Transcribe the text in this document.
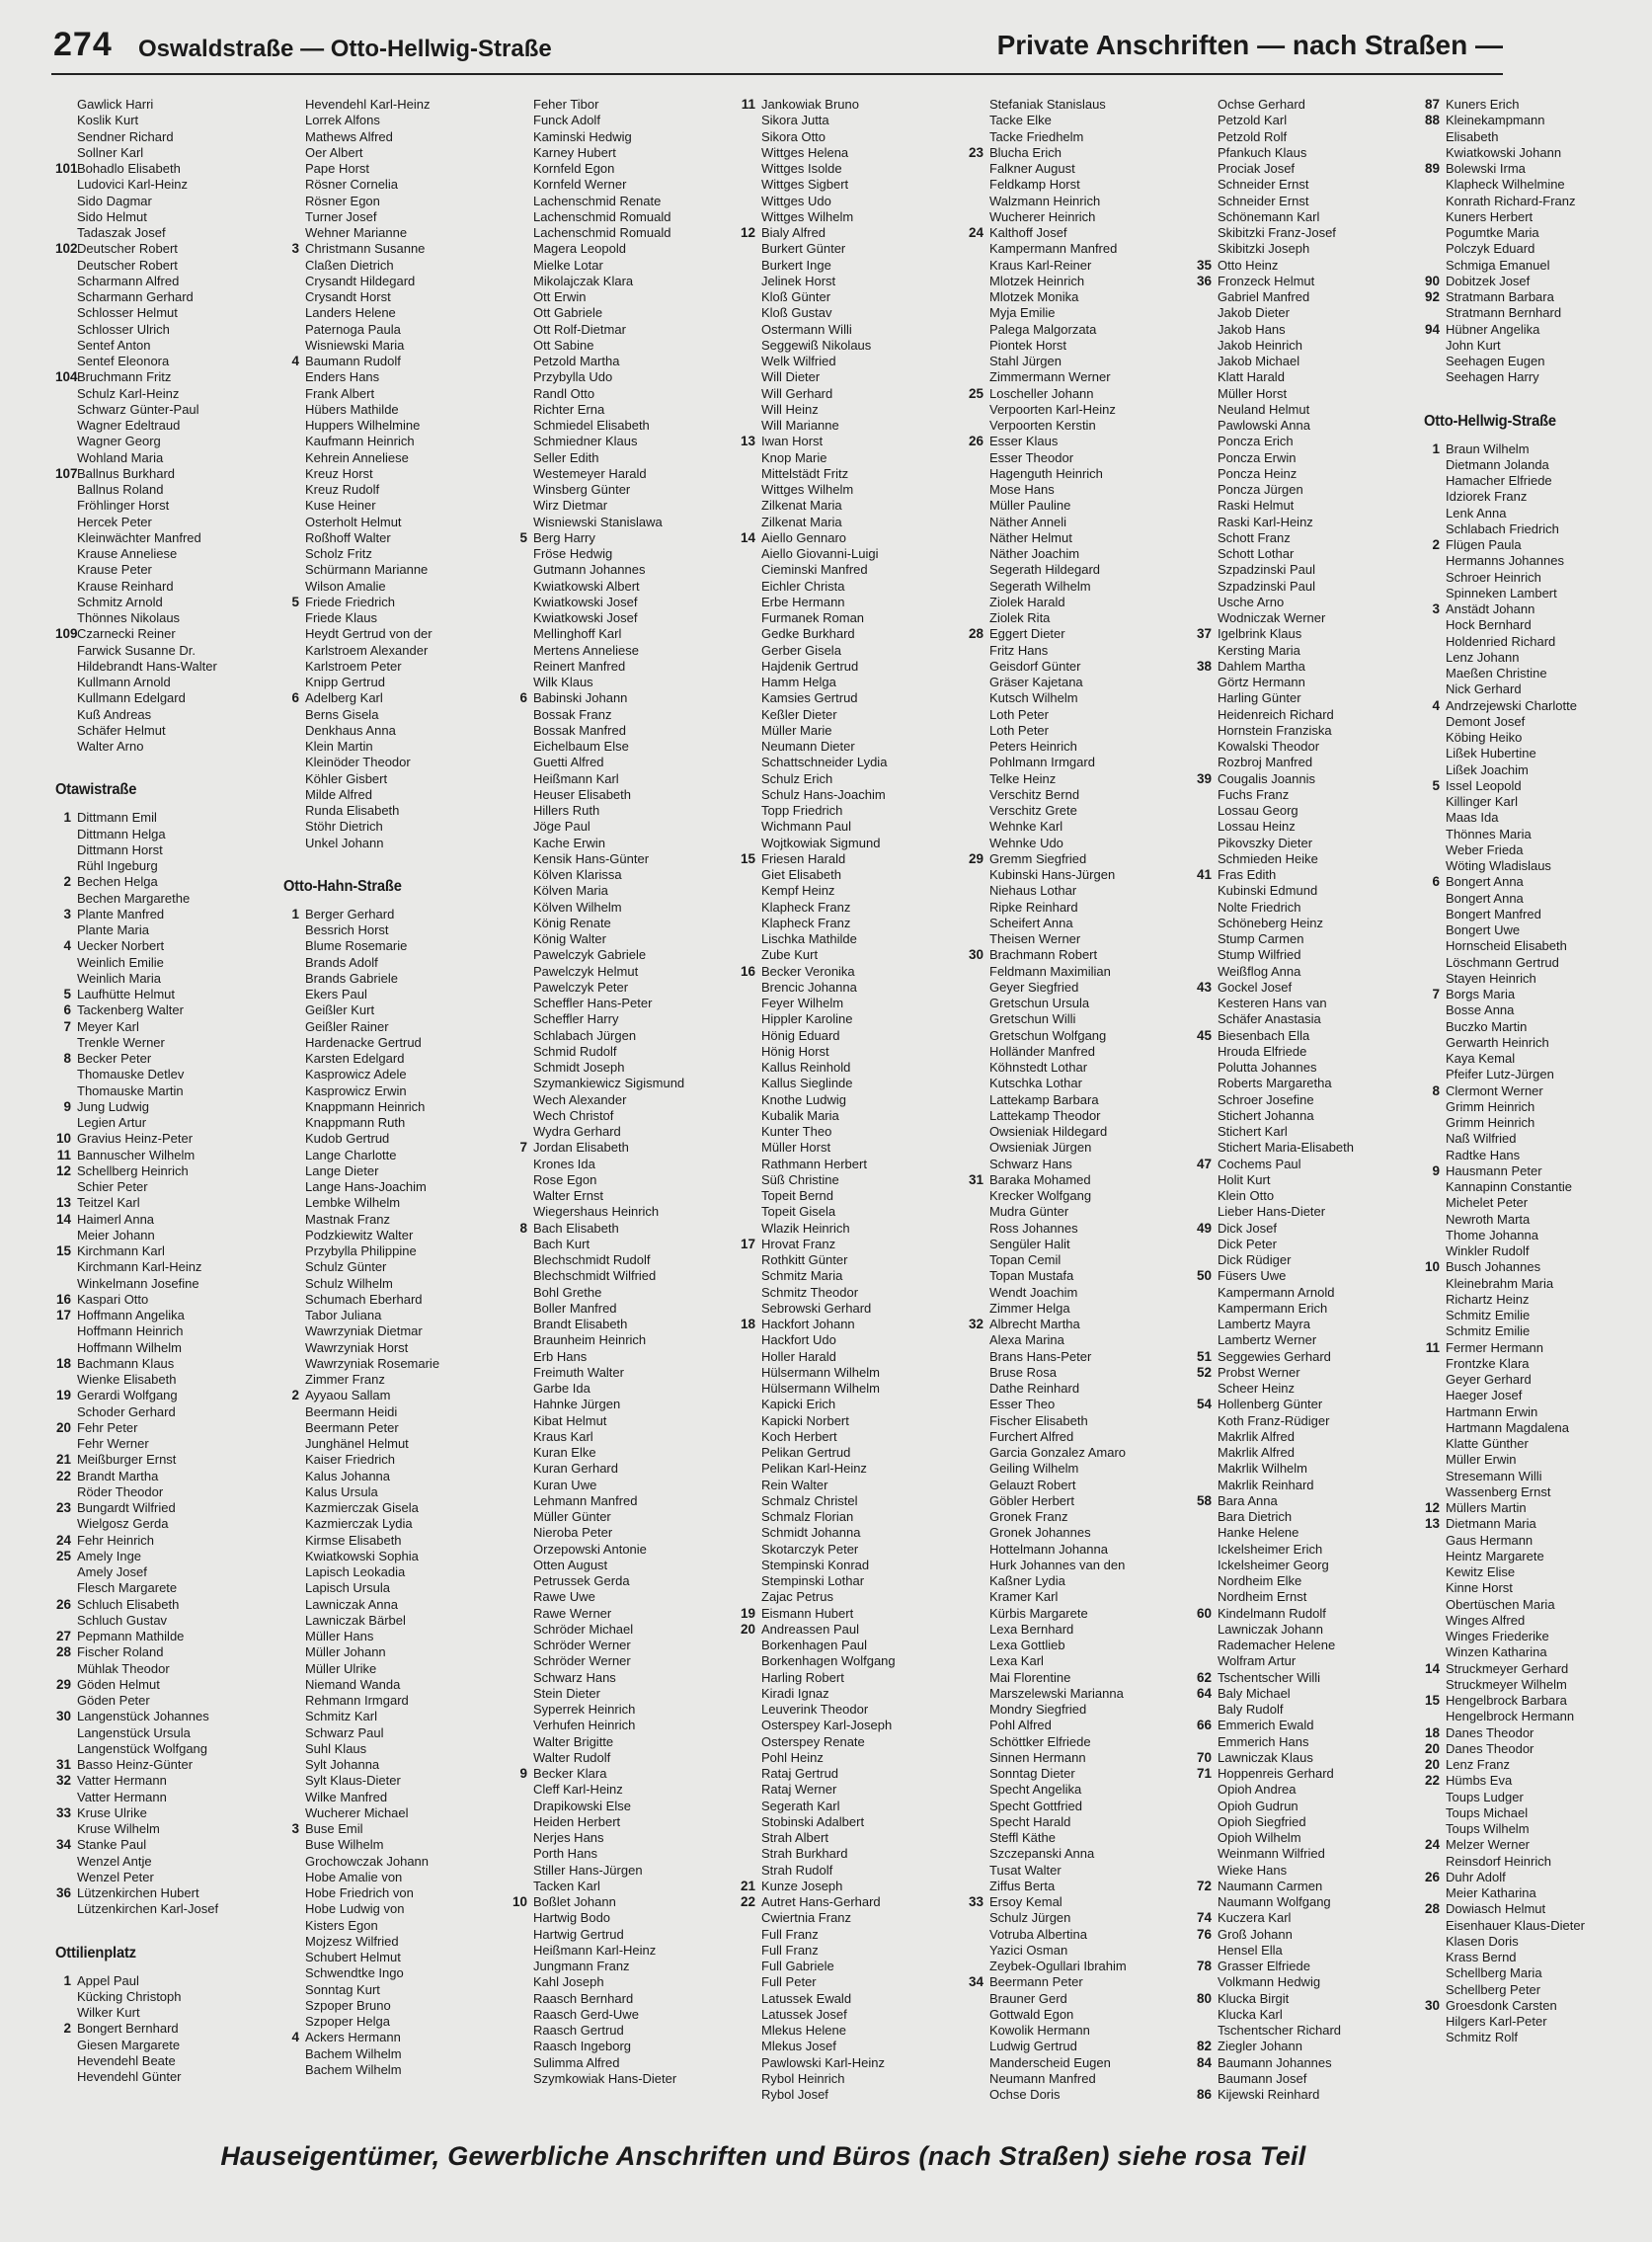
274 Oswaldstraße — Otto-Hellwig-Straße	Private Anschriften — nach Straßen —
Gawlick Harri
Koslik Kurt
Sendner Richard
Sollner Karl
101 Bohadlo Elisabeth
Ludovici Karl-Heinz
Sido Dagmar
Sido Helmut
Tadaszak Josef
102 Deutscher Robert
Deutscher Robert
Scharmann Alfred
Scharmann Gerhard
Schlosser Helmut
Schlosser Ulrich
Sentef Anton
Sentef Eleonora
104 Bruchmann Fritz
Schulz Karl-Heinz
Schwarz Günter-Paul
Wagner Edeltraud
Wagner Georg
Wohland Maria
107 Ballnus Burkhard
Ballnus Roland
Fröhlinger Horst
Hercek Peter
Kleinwächter Manfred
Krause Anneliese
Krause Peter
Krause Reinhard
Schmitz Arnold
Thönnes Nikolaus
109 Czarnecki Reiner
Farwick Susanne Dr.
Hildebrandt Hans-Walter
Kullmann Arnold
Kullmann Edelgard
Kuß Andreas
Schäfer Helmut
Walter Arno
Otawistraße
1 Dittmann Emil
Dittmann Helga
Dittmann Horst
Rühl Ingeburg
2 Bechen Helga
Bechen Margarethe
3 Plante Manfred
Plante Maria
4 Uecker Norbert
Weinlich Emilie
Weinlich Maria
5 Laufhütte Helmut
6 Tackenberg Walter
7 Meyer Karl
Trenkle Werner
8 Becker Peter
Thomauske Detlev
Thomauske Martin
9 Jung Ludwig
Legien Artur
10 Gravius Heinz-Peter
11 Bannuscher Wilhelm
12 Schellberg Heinrich
Schier Peter
13 Teitzel Karl
14 Haimerl Anna
Meier Johann
15 Kirchmann Karl
Kirchmann Karl-Heinz
Winkelmann Josefine
16 Kaspari Otto
17 Hoffmann Angelika
Hoffmann Heinrich
Hoffmann Wilhelm
18 Bachmann Klaus
Wienke Elisabeth
19 Gerardi Wolfgang
Schoder Gerhard
20 Fehr Peter
Fehr Werner
21 Meißburger Ernst
22 Brandt Martha
Röder Theodor
23 Bungardt Wilfried
Wielgosz Gerda
24 Fehr Heinrich
25 Amely Inge
Amely Josef
Flesch Margarete
26 Schluch Elisabeth
Schluch Gustav
27 Pepmann Mathilde
28 Fischer Roland
Mühlak Theodor
29 Göden Helmut
Göden Peter
30 Langenstück Johannes
Langenstück Ursula
Langenstück Wolfgang
31 Basso Heinz-Günter
32 Vatter Hermann
Vatter Hermann
33 Kruse Ulrike
Kruse Wilhelm
34 Stanke Paul
Wenzel Antje
Wenzel Peter
36 Lützenkirchen Hubert
Lützenkirchen Karl-Josef
Ottilienplatz
1 Appel Paul
Kücking Christoph
Wilker Kurt
2 Bongert Bernhard
Giesen Margarete
Hevendehl Beate
Hevendehl Günter
Hevendehl Karl-Heinz
Lorrek Alfons
Mathews Alfred
Oer Albert
Pape Horst
Rösner Cornelia
Rösner Egon
Turner Josef
Wehner Marianne
3 Christmann Susanne
Claßen Dietrich
Crysandt Hildegard
Crysandt Horst
Landers Helene
Paternoga Paula
Wisniewski Maria
4 Baumann Rudolf
Enders Hans
Frank Albert
Hübers Mathilde
Huppers Wilhelmine
Kaufmann Heinrich
Kehrein Anneliese
Kreuz Horst
Kreuz Rudolf
Kuse Heiner
Osterholt Helmut
Roßhoff Walter
Scholz Fritz
Schürmann Marianne
Wilson Amalie
5 Friede Friedrich
Friede Klaus
Heydt Gertrud von der
Karlstroem Alexander
Karlstroem Peter
Knipp Gertrud
6 Adelberg Karl
Berns Gisela
Denkhaus Anna
Klein Martin
Kleinöder Theodor
Köhler Gisbert
Milde Alfred
Runda Elisabeth
Stöhr Dietrich
Unkel Johann
Otto-Hahn-Straße
1 Berger Gerhard
Bessrich Horst
Blume Rosemarie
Brands Adolf
Brands Gabriele
Ekers Paul
Geißler Kurt
Geißler Rainer
Hardenacke Gertrud
Karsten Edelgard
Kasprowicz Adele
Kasprowicz Erwin
Knappmann Heinrich
Knappmann Ruth
Kudob Gertrud
Lange Charlotte
Lange Dieter
Lange Hans-Joachim
Lembke Wilhelm
Mastnak Franz
Podzkiewitz Walter
Przybylla Philippine
Schulz Günter
Schulz Wilhelm
Schumach Eberhard
Tabor Juliana
Wawrzyniak Dietmar
Wawrzyniak Horst
Wawrzyniak Rosemarie
Zimmer Franz
2 Ayyaou Sallam
Beermann Heidi
Beermann Peter
Junghänel Helmut
Kaiser Friedrich
Kalus Johanna
Kalus Ursula
Kazmierczak Gisela
Kazmierczak Lydia
Kirmse Elisabeth
Kwiatkowski Sophia
Lapisch Leokadia
Lapisch Ursula
Lawniczak Anna
Lawniczak Bärbel
Müller Hans
Müller Johann
Müller Ulrike
Niemand Wanda
Rehmann Irmgard
Schmitz Karl
Schwarz Paul
Suhl Klaus
Sylt Johanna
Sylt Klaus-Dieter
Wilke Manfred
Wucherer Michael
3 Buse Emil
Buse Wilhelm
Grochowczak Johann
Hobe Amalie von
Hobe Friedrich von
Hobe Ludwig von
Kisters Egon
Mojzesz Wilfried
Schubert Helmut
Schwendtke Ingo
Sonntag Kurt
Szpoper Bruno
Szpoper Helga
4 Ackers Hermann
Bachem Wilhelm
Bachem Wilhelm
Feher Tibor
Funck Adolf
Kaminski Hedwig
Karney Hubert
Kornfeld Egon
Kornfeld Werner
Lachenschmid Renate
Lachenschmid Romuald
Lachenschmid Romuald
Magera Leopold
Mielke Lotar
Mikolajczak Klara
Ott Erwin
Ott Gabriele
Ott Rolf-Dietmar
Ott Sabine
Petzold Martha
Przybylla Udo
Randl Otto
Richter Erna
Schmiedel Elisabeth
Schmiedner Klaus
Seller Edith
Westemeyer Harald
Winsberg Günter
Wirz Dietmar
Wisniewski Stanislawa
5 Berg Harry
Fröse Hedwig
Gutmann Johannes
Kwiatkowski Albert
Kwiatkowski Josef
Kwiatkowski Josef
Mellinghoff Karl
Mertens Anneliese
Reinert Manfred
Wilk Klaus
6 Babinski Johann
Bossak Franz
Bossak Manfred
Eichelbaum Else
Guetti Alfred
Heißmann Karl
Heuser Elisabeth
Hillers Ruth
Jöge Paul
Kache Erwin
Kensik Hans-Günter
Kölven Klarissa
Kölven Maria
Kölven Wilhelm
König Renate
König Walter
Pawelczyk Gabriele
Pawelczyk Helmut
Pawelczyk Peter
Scheffler Hans-Peter
Scheffler Harry
Schlabach Jürgen
Schmid Rudolf
Schmidt Joseph
Szymankiewicz Sigismund
Wech Alexander
Wech Christof
Wydra Gerhard
7 Jordan Elisabeth
Krones Ida
Rose Egon
Walter Ernst
Wiegershaus Heinrich
8 Bach Elisabeth
Bach Kurt
Blechschmidt Rudolf
Blechschmidt Wilfried
Bohl Grethe
Boller Manfred
Brandt Elisabeth
Braunheim Heinrich
Erb Hans
Freimuth Walter
Garbe Ida
Hahnke Jürgen
Kibat Helmut
Kraus Karl
Kuran Elke
Kuran Gerhard
Kuran Uwe
Lehmann Manfred
Müller Günter
Nieroba Peter
Orzepowski Antonie
Otten August
Petrussek Gerda
Rawe Uwe
Rawe Werner
Schröder Michael
Schröder Werner
Schröder Werner
Schwarz Hans
Stein Dieter
Syperrek Heinrich
Verhufen Heinrich
Walter Brigitte
Walter Rudolf
9 Becker Klara
Cleff Karl-Heinz
Drapikowski Else
Heiden Herbert
Nerjes Hans
Porth Hans
Stiller Hans-Jürgen
Tacken Karl
10 Boßlet Johann
Hartwig Bodo
Hartwig Gertrud
Heißmann Karl-Heinz
Jungmann Franz
Kahl Joseph
Raasch Bernhard
Raasch Gerd-Uwe
Raasch Gertrud
Raasch Ingeborg
Sulimma Alfred
Szymkowiak Hans-Dieter
11 Jankowiak Bruno
Sikora Jutta
Sikora Otto
Wittges Helena
Wittges Isolde
Wittges Sigbert
Wittges Udo
Wittges Wilhelm
12 Bialy Alfred
Burkert Günter
Burkert Inge
Jelinek Horst
Kloß Günter
Kloß Gustav
Ostermann Willi
Seggewiß Nikolaus
Welk Wilfried
Will Dieter
Will Gerhard
Will Heinz
Will Marianne
13 Iwan Horst
Knop Marie
Mittelstädt Fritz
Wittges Wilhelm
Zilkenat Maria
Zilkenat Maria
14 Aiello Gennaro
Aiello Giovanni-Luigi
Cieminski Manfred
Eichler Christa
Erbe Hermann
Furmanek Roman
Gedke Burkhard
Gerber Gisela
Hajdenik Gertrud
Hamm Helga
Kamsies Gertrud
Keßler Dieter
Müller Marie
Neumann Dieter
Schattschneider Lydia
Schulz Erich
Schulz Hans-Joachim
Topp Friedrich
Wichmann Paul
Wojtkowiak Sigmund
15 Friesen Harald
Giet Elisabeth
Kempf Heinz
Klapheck Franz
Klapheck Franz
Lischka Mathilde
Zube Kurt
16 Becker Veronika
Brencic Johanna
Feyer Wilhelm
Hippler Karoline
Hönig Eduard
Hönig Horst
Kallus Reinhold
Kallus Sieglinde
Knothe Ludwig
Kubalik Maria
Kunter Theo
Müller Horst
Rathmann Herbert
Süß Christine
Topeit Bernd
Topeit Gisela
Wlazik Heinrich
17 Hrovat Franz
Rothkitt Günter
Schmitz Maria
Schmitz Theodor
Sebrowski Gerhard
18 Hackfort Johann
Hackfort Udo
Holler Harald
Hülsermann Wilhelm
Hülsermann Wilhelm
Kapicki Erich
Kapicki Norbert
Koch Herbert
Pelikan Gertrud
Pelikan Karl-Heinz
Rein Walter
Schmalz Christel
Schmalz Florian
Schmidt Johanna
Skotarczyk Peter
Stempinski Konrad
Stempinski Lothar
Zajac Petrus
19 Eismann Hubert
20 Andreassen Paul
Borkenhagen Paul
Borkenhagen Wolfgang
Harling Robert
Kiradi Ignaz
Leuverink Theodor
Osterspey Karl-Joseph
Osterspey Renate
Pohl Heinz
Rataj Gertrud
Rataj Werner
Segerath Karl
Stobinski Adalbert
Strah Albert
Strah Burkhard
Strah Rudolf
21 Kunze Joseph
22 Autret Hans-Gerhard
Cwiertnia Franz
Full Franz
Full Franz
Full Gabriele
Full Peter
Latussek Ewald
Latussek Josef
Mlekus Helene
Mlekus Josef
Pawlowski Karl-Heinz
Rybol Heinrich
Rybol Josef
Stefaniak Stanislaus
Tacke Elke
Tacke Friedhelm
23 Blucha Erich
Falkner August
Feldkamp Horst
Walzmann Heinrich
Wucherer Heinrich
24 Kalthoff Josef
Kampermann Manfred
Kraus Karl-Reiner
Mlotzek Heinrich
Mlotzek Monika
Myja Emilie
Palega Malgorzata
Piontek Horst
Stahl Jürgen
Zimmermann Werner
25 Loscheller Johann
Verpoorten Karl-Heinz
Verpoorten Kerstin
26 Esser Klaus
Esser Theodor
Hagenguth Heinrich
Mose Hans
Müller Pauline
Näther Anneli
Näther Helmut
Näther Joachim
Segerath Hildegard
Segerath Wilhelm
Ziolek Harald
Ziolek Rita
28 Eggert Dieter
Fritz Hans
Geisdorf Günter
Gräser Kajetana
Kutsch Wilhelm
Loth Peter
Loth Peter
Peters Heinrich
Pohlmann Irmgard
Telke Heinz
Verschitz Bernd
Verschitz Grete
Wehnke Karl
Wehnke Udo
29 Gremm Siegfried
Kubinski Hans-Jürgen
Niehaus Lothar
Ripke Reinhard
Scheifert Anna
Theisen Werner
30 Brachmann Robert
Feldmann Maximilian
Geyer Siegfried
Gretschun Ursula
Gretschun Willi
Gretschun Wolfgang
Holländer Manfred
Köhnstedt Lothar
Kutschka Lothar
Lattekamp Barbara
Lattekamp Theodor
Owsieniak Hildegard
Owsieniak Jürgen
Schwarz Hans
31 Baraka Mohamed
Krecker Wolfgang
Mudra Günter
Ross Johannes
Sengüler Halit
Topan Cemil
Topan Mustafa
Wendt Joachim
Zimmer Helga
32 Albrecht Martha
Alexa Marina
Brans Hans-Peter
Bruse Rosa
Dathe Reinhard
Esser Theo
Fischer Elisabeth
Furchert Alfred
Garcia Gonzalez Amaro
Geiling Wilhelm
Gelauzt Robert
Göbler Herbert
Gronek Franz
Gronek Johannes
Hottelmann Johanna
Hurk Johannes van den
Kaßner Lydia
Kramer Karl
Kürbis Margarete
Lexa Bernhard
Lexa Gottlieb
Lexa Karl
Mai Florentine
Marszelewski Marianna
Mondry Siegfried
Pohl Alfred
Schöttker Elfriede
Sinnen Hermann
Sonntag Dieter
Specht Angelika
Specht Gottfried
Specht Harald
Steffl Käthe
Szczepanski Anna
Tusat Walter
Ziffus Berta
33 Ersoy Kemal
Schulz Jürgen
Votruba Albertina
Yazici Osman
Zeybek-Ogullari Ibrahim
34 Beermann Peter
Brauner Gerd
Gottwald Egon
Kowolik Hermann
Ludwig Gertrud
Manderscheid Eugen
Neumann Manfred
Ochse Doris
Ochse Gerhard
Petzold Karl
Petzold Rolf
Pfankuch Klaus
Prociak Josef
Schneider Ernst
Schneider Ernst
Schönemann Karl
Skibitzki Franz-Josef
Skibitzki Joseph
35 Otto Heinz
36 Fronzeck Helmut
Gabriel Manfred
Jakob Dieter
Jakob Hans
Jakob Heinrich
Jakob Michael
Klatt Harald
Müller Horst
Neuland Helmut
Pawlowski Anna
Poncza Erich
Poncza Erwin
Poncza Heinz
Poncza Jürgen
Raski Helmut
Raski Karl-Heinz
Schott Franz
Schott Lothar
Szpadzinski Paul
Szpadzinski Paul
Usche Arno
Wodniczak Werner
37 Igelbrink Klaus
Kersting Maria
38 Dahlem Martha
Görtz Hermann
Harling Günter
Heidenreich Richard
Hornstein Franziska
Kowalski Theodor
Rozbroj Manfred
39 Cougalis Joannis
Fuchs Franz
Lossau Georg
Lossau Heinz
Pikovszky Dieter
Schmieden Heike
41 Fras Edith
Kubinski Edmund
Nolte Friedrich
Schöneberg Heinz
Stump Carmen
Stump Wilfried
Weißflog Anna
43 Gockel Josef
Kesteren Hans van
Schäfer Anastasia
45 Biesenbach Ella
Hrouda Elfriede
Polutta Johannes
Roberts Margaretha
Schroer Josefine
Stichert Johanna
Stichert Karl
Stichert Maria-Elisabeth
47 Cochems Paul
Holit Kurt
Klein Otto
Lieber Hans-Dieter
49 Dick Josef
Dick Peter
Dick Rüdiger
50 Füsers Uwe
Kampermann Arnold
Kampermann Erich
Lambertz Mayra
Lambertz Werner
51 Seggewies Gerhard
52 Probst Werner
Scheer Heinz
54 Hollenberg Günter
Koth Franz-Rüdiger
Makrlik Alfred
Makrlik Alfred
Makrlik Wilhelm
Makrlik Reinhard
58 Bara Anna
Bara Dietrich
Hanke Helene
Ickelsheimer Erich
Ickelsheimer Georg
Nordheim Elke
Nordheim Ernst
60 Kindelmann Rudolf
Lawniczak Johann
Rademacher Helene
Wolfram Artur
62 Tschentscher Willi
64 Baly Michael
Baly Rudolf
66 Emmerich Ewald
Emmerich Hans
70 Lawniczak Klaus
71 Hoppenreis Gerhard
Opioh Andrea
Opioh Gudrun
Opioh Siegfried
Opioh Wilhelm
Weinmann Wilfried
Wieke Hans
72 Naumann Carmen
Naumann Wolfgang
74 Kuczera Karl
76 Groß Johann
Hensel Ella
78 Grasser Elfriede
Volkmann Hedwig
80 Klucka Birgit
Klucka Karl
Tschentscher Richard
82 Ziegler Johann
84 Baumann Johannes
Baumann Josef
86 Kijewski Reinhard
87 Kuners Erich
88 Kleinekampmann
Elisabeth
Kwiatkowski Johann
89 Bolewski Irma
Klapheck Wilhelmine
Konrath Richard-Franz
Kuners Herbert
Pogumtke Maria
Polczyk Eduard
Schmiga Emanuel
90 Dobitzek Josef
92 Stratmann Barbara
Stratmann Bernhard
94 Hübner Angelika
John Kurt
Seehagen Eugen
Seehagen Harry
Otto-Hellwig-Straße
1 Braun Wilhelm
Dietmann Jolanda
Hamacher Elfriede
Idziorek Franz
Lenk Anna
Schlabach Friedrich
2 Flügen Paula
Hermanns Johannes
Schroer Heinrich
Spinneken Lambert
3 Anstädt Johann
Hock Bernhard
Holdenried Richard
Lenz Johann
Maeßen Christine
Nick Gerhard
4 Andrzejewski Charlotte
Demont Josef
Köbing Heiko
Lißek Hubertine
Lißek Joachim
5 Issel Leopold
Killinger Karl
Maas Ida
Thönnes Maria
Weber Frieda
Wöting Wladislaus
6 Bongert Anna
Bongert Anna
Bongert Manfred
Bongert Uwe
Hornscheid Elisabeth
Löschmann Gertrud
Stayen Heinrich
7 Borgs Maria
Bosse Anna
Buczko Martin
Gerwarth Heinrich
Kaya Kemal
Pfeifer Lutz-Jürgen
8 Clermont Werner
Grimm Heinrich
Grimm Heinrich
Naß Wilfried
Radtke Hans
9 Hausmann Peter
Kannapinn Constantie
Michelet Peter
Newroth Marta
Thome Johanna
Winkler Rudolf
10 Busch Johannes
Kleinebrahm Maria
Richartz Heinz
Schmitz Emilie
Schmitz Emilie
11 Fermer Hermann
Frontzke Klara
Geyer Gerhard
Haeger Josef
Hartmann Erwin
Hartmann Magdalena
Klatte Günther
Müller Erwin
Stresemann Willi
Wassenberg Ernst
12 Müllers Martin
13 Dietmann Maria
Gaus Hermann
Heintz Margarete
Kewitz Elise
Kinne Horst
Obertüschen Maria
Winges Alfred
Winges Friederike
Winzen Katharina
14 Struckmeyer Gerhard
Struckmeyer Wilhelm
15 Hengelbrock Barbara
Hengelbrock Hermann
18 Danes Theodor
20 Danes Theodor
20 Lenz Franz
22 Hümbs Eva
Toups Ludger
Toups Michael
Toups Wilhelm
24 Melzer Werner
Reinsdorf Heinrich
26 Duhr Adolf
Meier Katharina
28 Dowiasch Helmut
Eisenhauer Klaus-Dieter
Klasen Doris
Krass Bernd
Schellberg Maria
Schellberg Peter
30 Groesdonk Carsten
Hilgers Karl-Peter
Schmitz Rolf
Hauseigentümer, Gewerbliche Anschriften und Büros (nach Straßen) siehe rosa Teil
